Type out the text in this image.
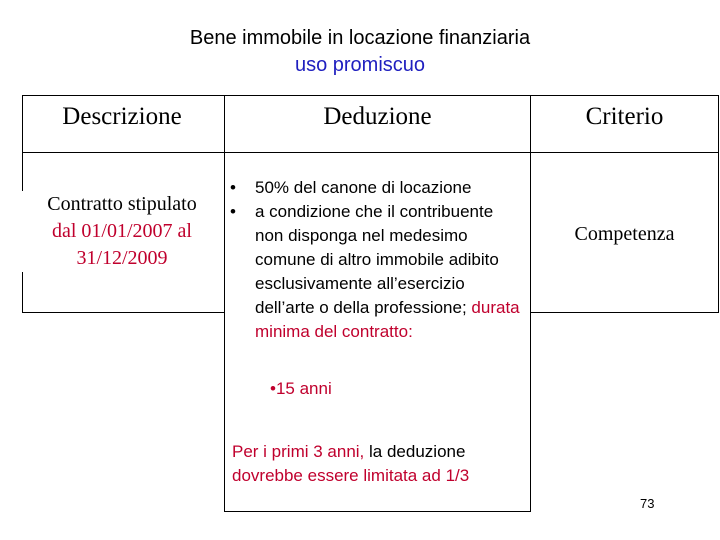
Bene immobile in locazione finanziaria
uso promiscuo
Descrizione
Contratto stipulato
dal 01/01/2007 al
31/12/2009
Deduzione	Criterio
• 50% del canone di locazione
• a condizione che il contribuente non disponga nel medesimo comune di altro immobile adibito esclusivamente all’esercizio dell’arte o della professione; durata minima del contratto:
•15 anni
Per i primi 3 anni, la deduzione dovrebbe essere limitata ad 1/3
Competenza
73
